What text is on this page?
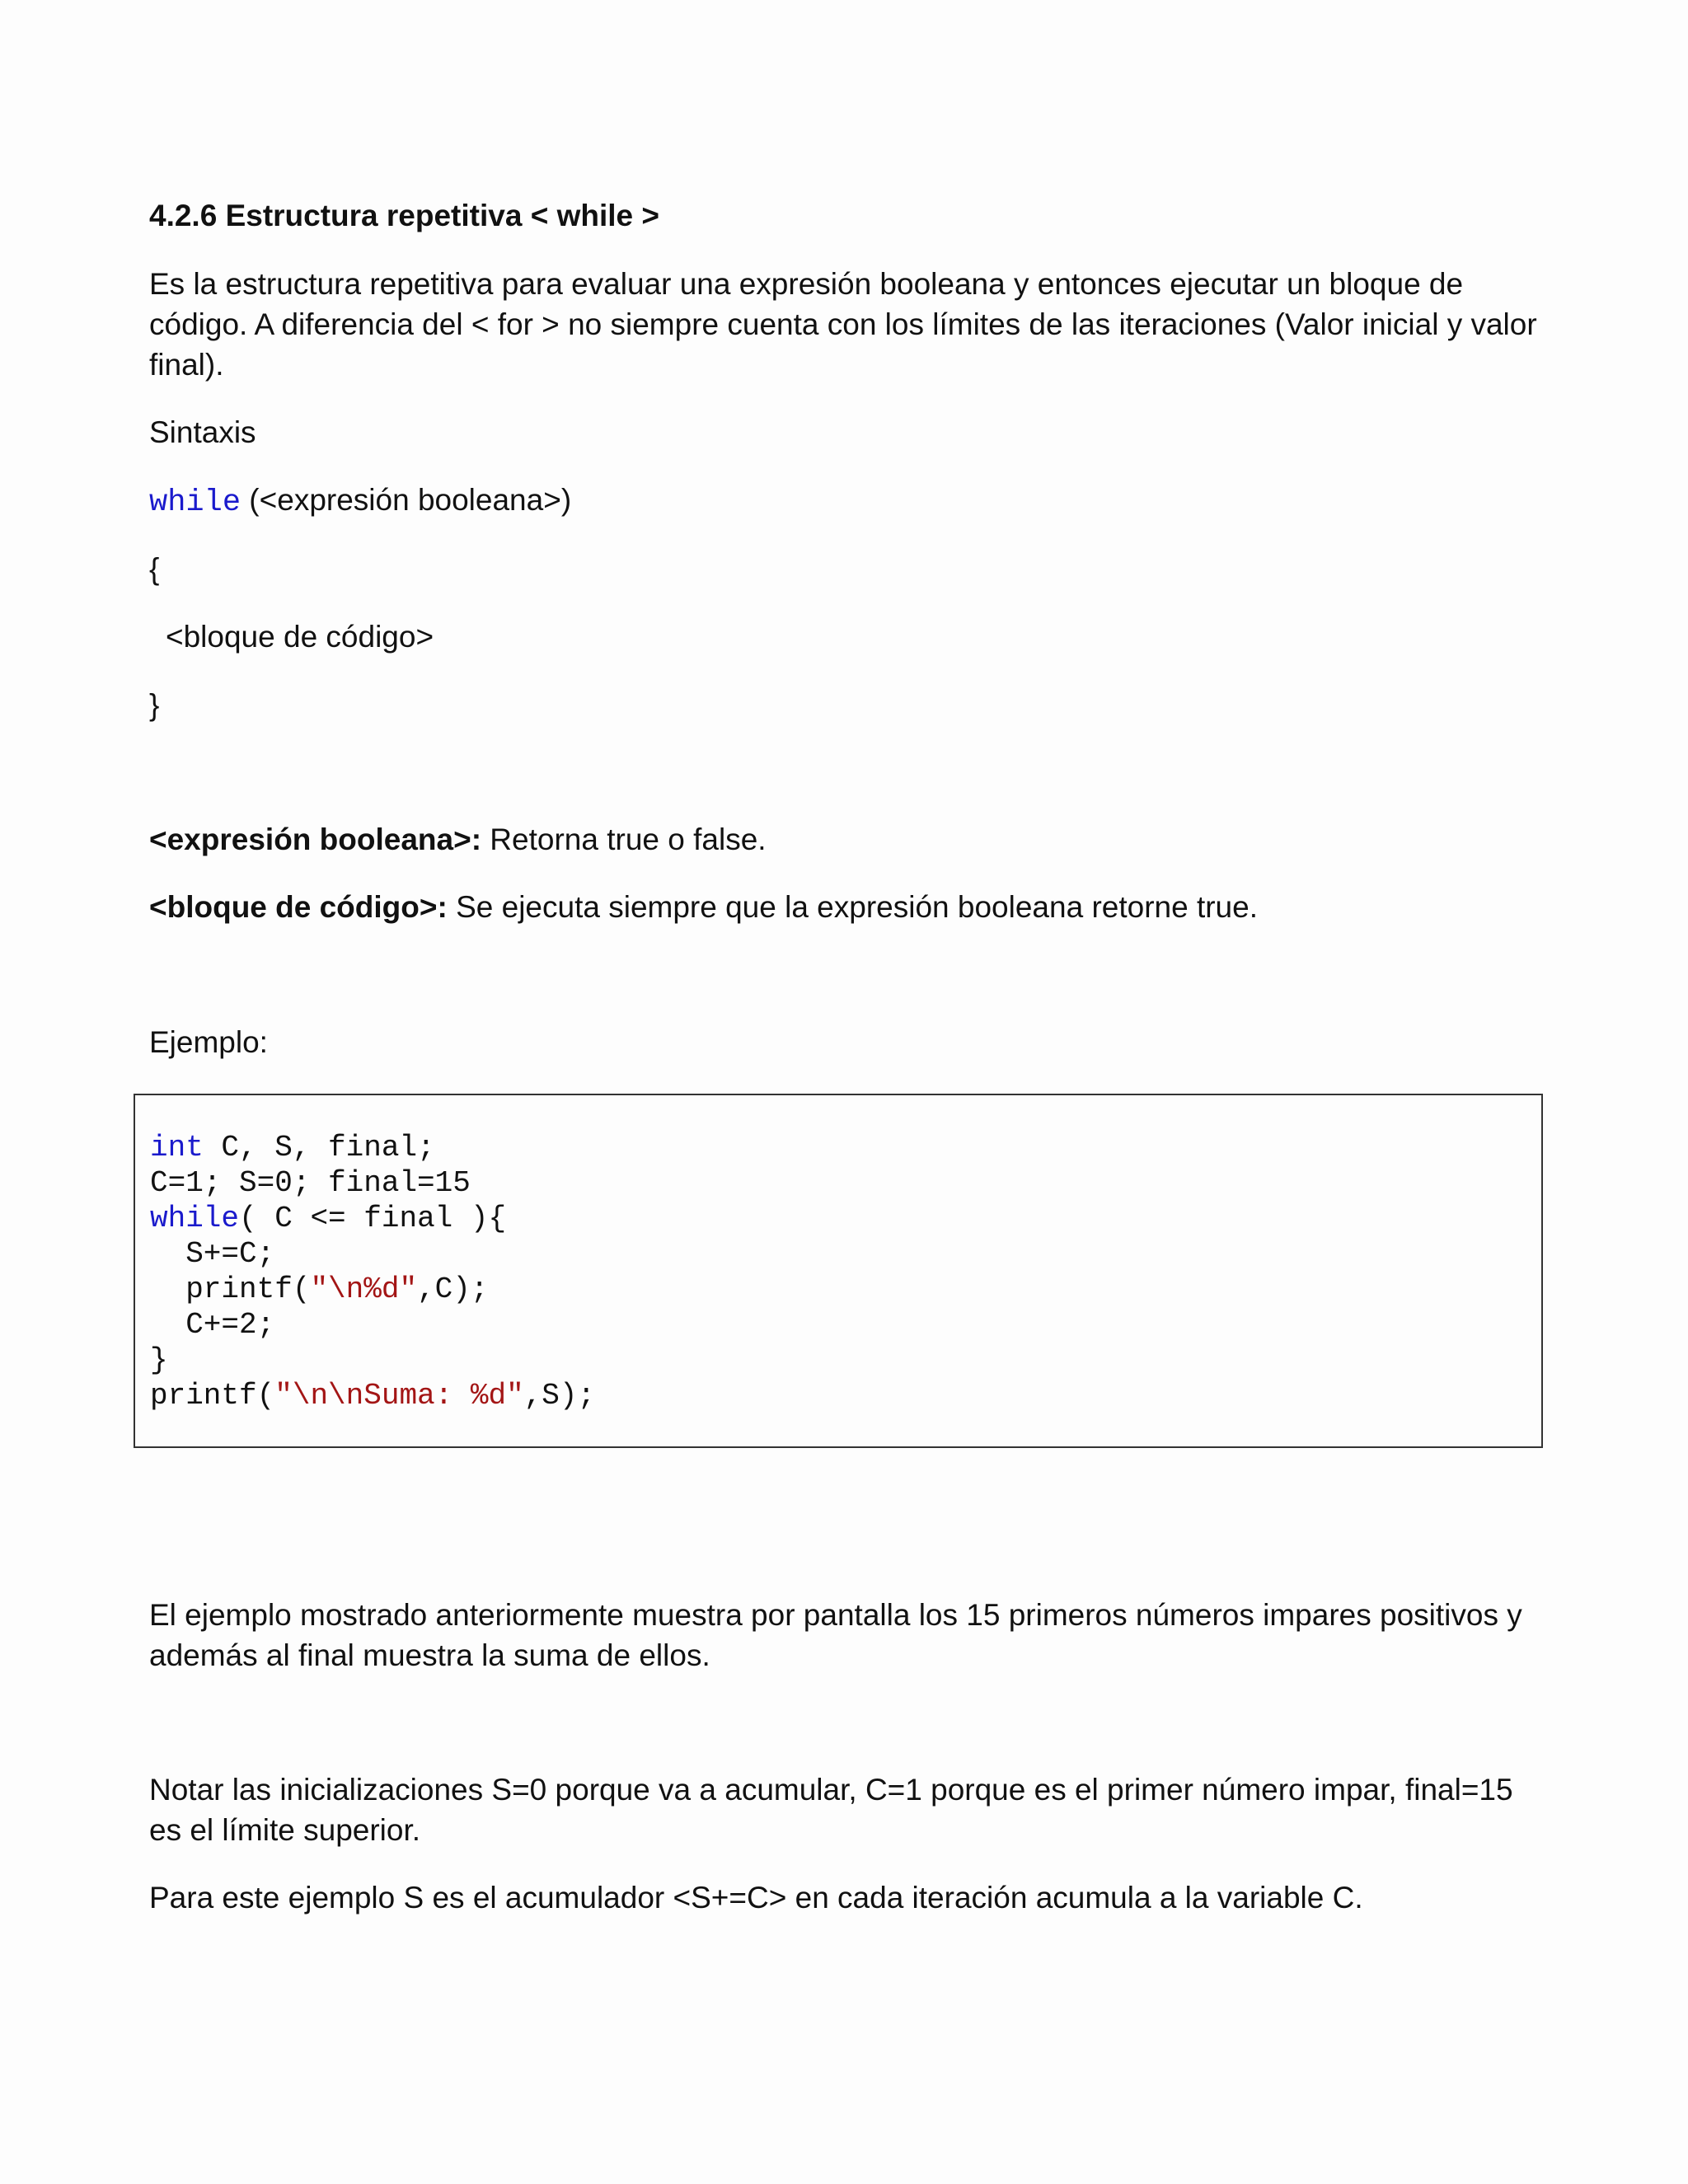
4.2.6 Estructura repetitiva < while >
Es la estructura repetitiva para evaluar una expresión booleana y entonces ejecutar un bloque de
código. A diferencia del < for > no siempre cuenta con los límites de las iteraciones (Valor inicial y valor
final).
Sintaxis
while (<expresión booleana>)
{
<bloque de código>
}
<expresión booleana>: Retorna true o false.
<bloque de código>: Se ejecuta siempre que la expresión booleana retorne true.
Ejemplo:
int C, S, final;
C=1; S=0; final=15
while( C <= final ){
S+=C;
printf("\n%d",C);
C+=2;
}
printf("\n\nSuma: %d",S);
El ejemplo mostrado anteriormente muestra por pantalla los 15 primeros números impares positivos y
además al final muestra la suma de ellos.
Notar las inicializaciones S=0 porque va a acumular, C=1 porque es el primer número impar, final=15
es el límite superior.
Para este ejemplo S es el acumulador <S+=C> en cada iteración acumula a la variable C.
